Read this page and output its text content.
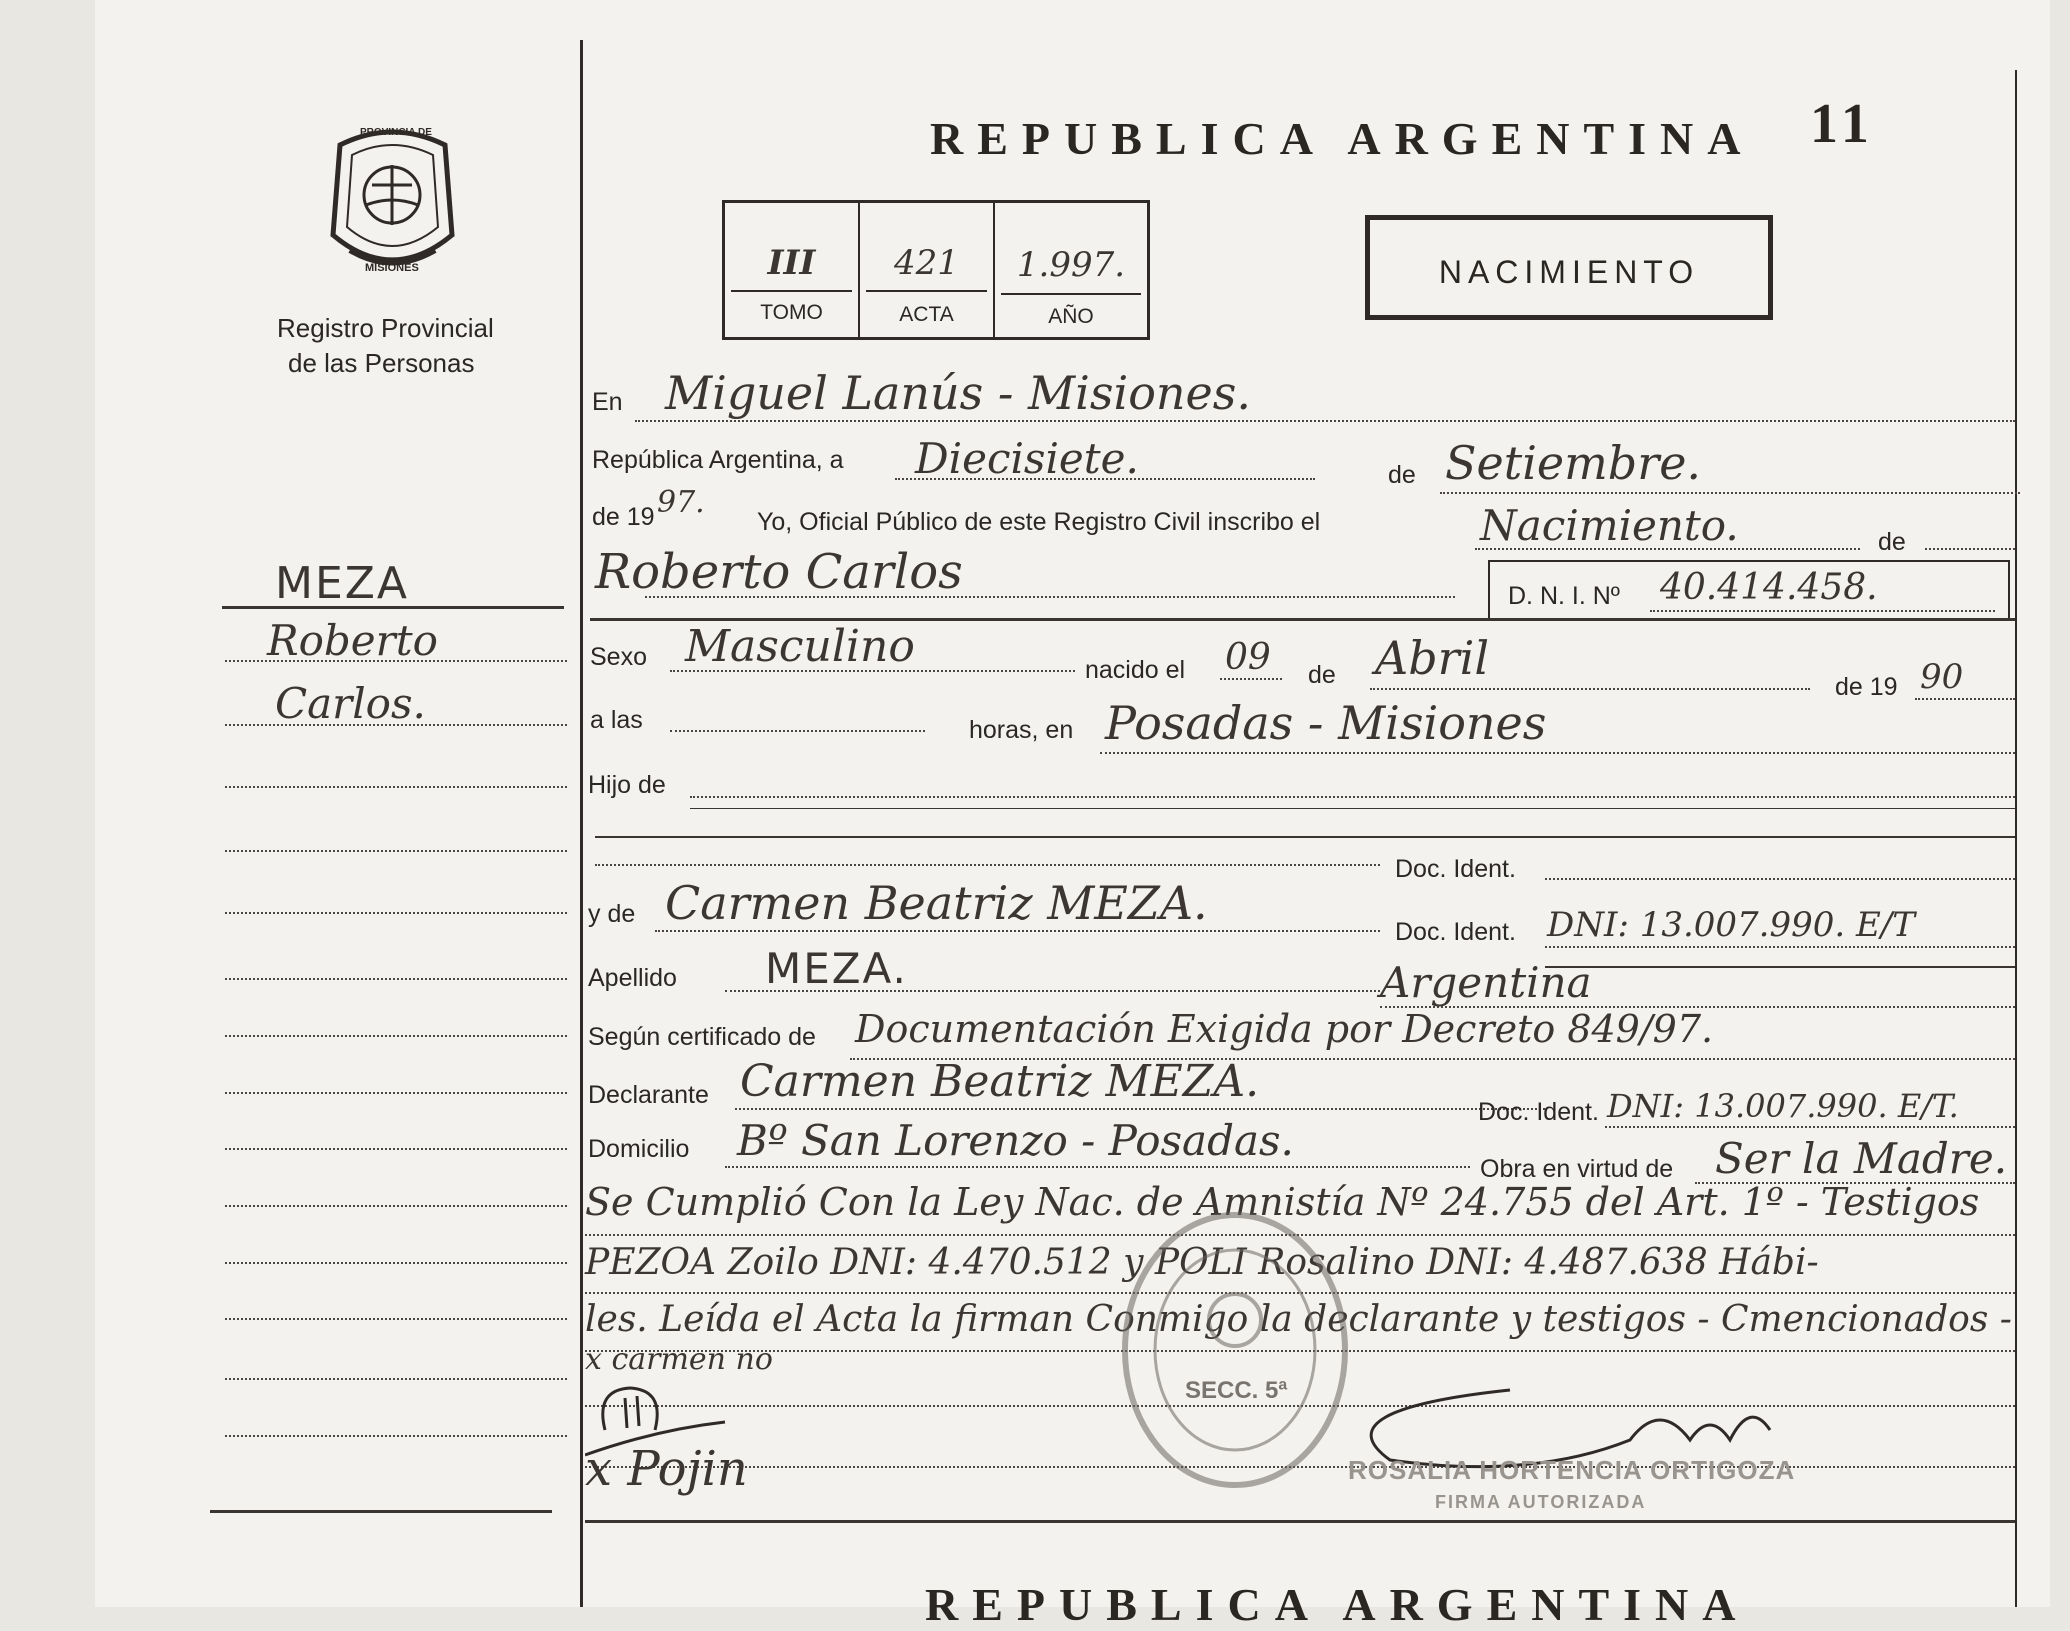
11
REPUBLICA ARGENTINA
PROVINCIA DE
MISIONES
Registro Provincial
de las Personas
III
TOMO
421
ACTA
1.997.
AÑO
NACIMIENTO
MEZA
Roberto
Carlos.
En Miguel Lanús - Misiones.
República Argentina, a Diecisiete.	de Setiembre.
de 19 97.
Yo, Oficial Público de este Registro Civil inscribo el	Nacimiento.	de
Roberto Carlos	D. N. I. Nº 40.414.458.
Sexo Masculino	nacido el 09 de Abril
de 19 90
a las	horas, en Posadas - Misiones
Hijo de
Doc. Ident.
y de Carmen Beatriz MEZA.
Doc. Ident. DNI: 13.007.990. E/T
Apellido MEZA.	Argentina
Según certificado de Documentación Exigida por Decreto 849/97.
Declarante Carmen Beatriz MEZA.
Doc. Ident. DNI: 13.007.990. E/T.
Domicilio Bº San Lorenzo - Posadas.
Obra en virtud de Ser la Madre.
Se Cumplió Con la Ley Nac. de Amnistía Nº 24.755 del Art. 1º - Testigos
PEZOA Zoilo DNI: 4.470.512 y POLI Rosalino DNI: 4.487.638 Hábi-
les. Leída el Acta la firman Conmigo la declarante y testigos - Cmencionados -
x carmen no
x Pojin
SECC. 5ª
ROSALIA HORTENCIA ORTIGOZA
FIRMA AUTORIZADA
REPUBLICA ARGENTINA
